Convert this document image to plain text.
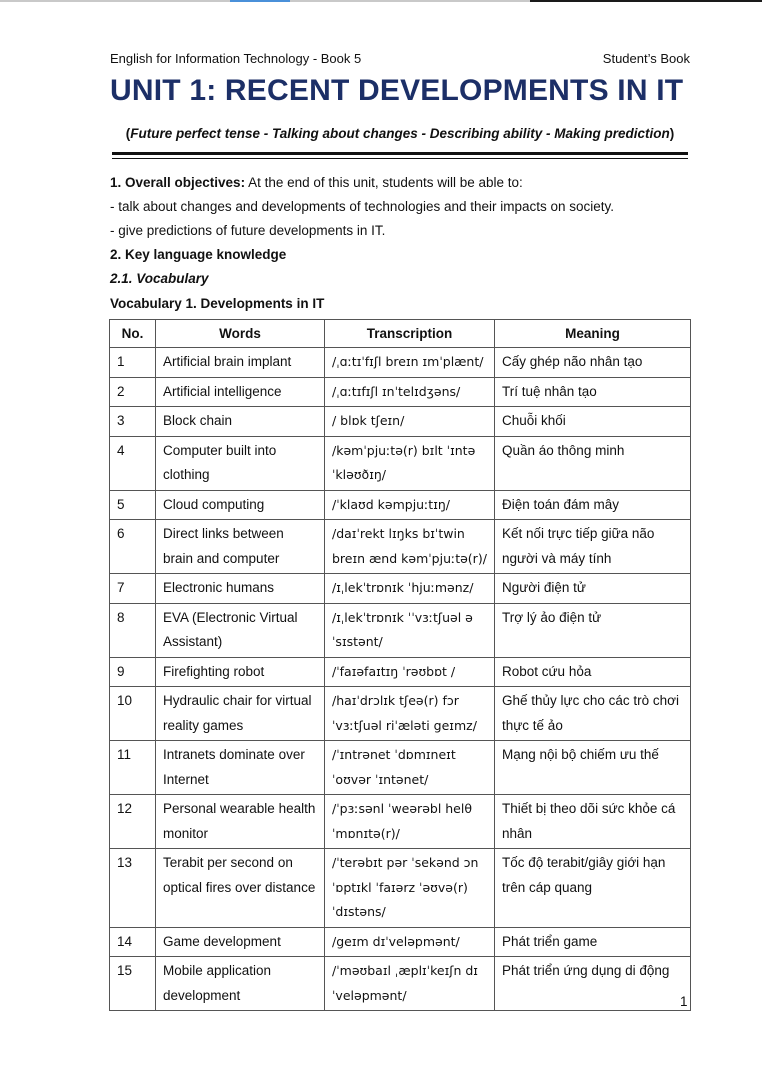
English for Information Technology - Book 5	Student’s Book
UNIT 1: RECENT DEVELOPMENTS IN IT
(Future perfect tense - Talking about changes - Describing ability - Making prediction)
1. Overall objectives: At the end of this unit, students will be able to:
- talk about changes and developments of technologies and their impacts on society.
- give predictions of future developments in IT.
2. Key language knowledge
2.1. Vocabulary
Vocabulary 1. Developments in IT
No.	Words	Transcription	Meaning
1	Artificial brain implant	/ˌɑːtɪˈfɪʃl breɪn ɪmˈplænt/	Cấy ghép não nhân tạo
2	Artificial intelligence	/ˌɑːtɪfɪʃl ɪnˈtelɪdʒəns/	Trí tuệ nhân tạo
3	Block chain	/ blɒk tʃeɪn/	Chuỗi khối
4	Computer built into clothing	/kəmˈpjuːtə(r) bɪlt ˈɪntə ˈkləʊðɪŋ/	Quần áo thông minh
5	Cloud computing	/ˈklaʊd kəmpjuːtɪŋ/	Điện toán đám mây
6	Direct links between brain and computer	/daɪˈrekt lɪŋks bɪˈtwin breɪn ænd kəmˈpjuːtə(r)/	Kết nối trực tiếp giữa não người và máy tính
7	Electronic humans	/ɪˌlekˈtrɒnɪk ˈhjuːmənz/	Người điện tử
8	EVA (Electronic Virtual Assistant)	/ɪˌlekˈtrɒnɪk ˈˈvɜːtʃuəl əˈsɪstənt/	Trợ lý ảo điện tử
9	Firefighting robot	/ˈfaɪəfaɪtɪŋ ˈrəʊbɒt /	Robot cứu hỏa
10	Hydraulic chair for virtual reality games	/haɪˈdrɔlɪk tʃeə(r) fɔr ˈvɜːtʃuəl riˈæləti geɪmz/	Ghế thủy lực cho các trò chơi thực tế ảo
11	Intranets dominate over Internet	/ˈɪntrənet ˈdɒmɪneɪt ˈoʊvər ˈɪntənet/	Mạng nội bộ chiếm ưu thế
12	Personal wearable health monitor	/ˈpɜːsənl ˈweərəbl helθ ˈmɒnɪtə(r)/	Thiết bị theo dõi sức khỏe cá nhân
13	Terabit per second on optical fires over distance	/ˈterəbɪt pər ˈsekənd ɔn ˈɒptɪkl ˈfaɪərz ˈəʊvə(r) ˈdɪstəns/	Tốc độ terabit/giây giới hạn trên cáp quang
14	Game development	/geɪm dɪˈveləpmənt/	Phát triển game
15	Mobile application development	/ˈməʊbaɪl ˌæplɪˈkeɪʃn dɪˈveləpmənt/	Phát triển ứng dụng di động
1
